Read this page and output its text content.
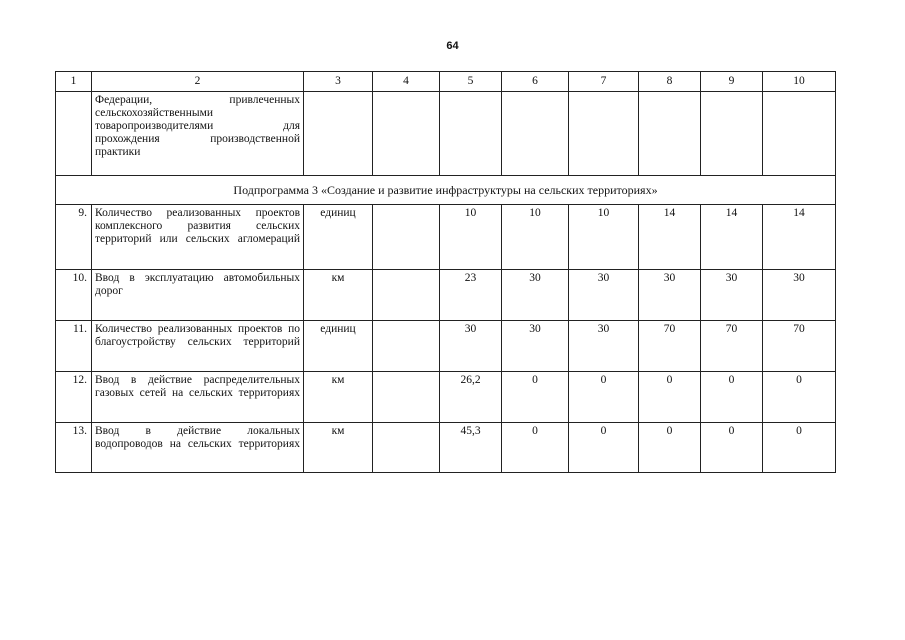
64
1	2	3	4	5	6	7	8	9	10
	Федерации, привлеченных сельскохозяйственными товаропроизводителями для прохождения производственной практики								
Подпрограмма 3 «Создание и развитие инфраструктуры на сельских территориях»									
9.	Количество реализованных проектов комплексного развития сельских территорий или сельских агломераций	единиц		10	10	10	14	14	14
10.	Ввод в эксплуатацию автомобильных дорог	км		23	30	30	30	30	30
11.	Количество реализованных проектов по благоустройству сельских территорий	единиц		30	30	30	70	70	70
12.	Ввод в действие распределительных газовых сетей на сельских территориях	км		26,2	0	0	0	0	0
13.	Ввод в действие локальных водопроводов на сельских территориях	км		45,3	0	0	0	0	0
